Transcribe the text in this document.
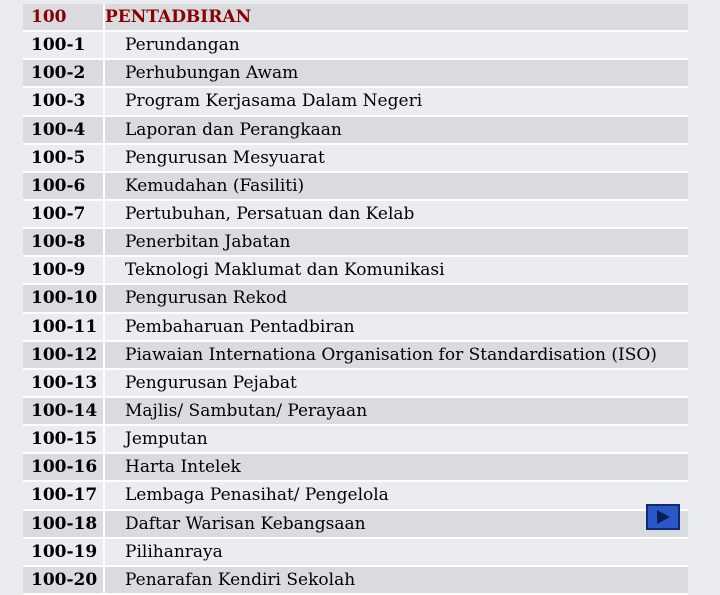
100		PENTADBIRAN
100-1		Perundangan
100-2		Perhubungan Awam
100-3		Program Kerjasama Dalam Negeri
100-4		Laporan dan Perangkaan
100-5		Pengurusan Mesyuarat
100-6		Kemudahan (Fasiliti)
100-7		Pertubuhan, Persatuan dan Kelab
100-8		Penerbitan Jabatan
100-9		Teknologi Maklumat dan Komunikasi
100-10		Pengurusan Rekod
100-11		Pembaharuan Pentadbiran
100-12		Piawaian Internationa Organisation for Standardisation (ISO)
100-13		Pengurusan Pejabat
100-14		Majlis/ Sambutan/ Perayaan
100-15		Jemputan
100-16		Harta Intelek
100-17		Lembaga Penasihat/ Pengelola
100-18		Daftar Warisan Kebangsaan
100-19		Pilihanraya
100-20		Penarafan Kendiri Sekolah
